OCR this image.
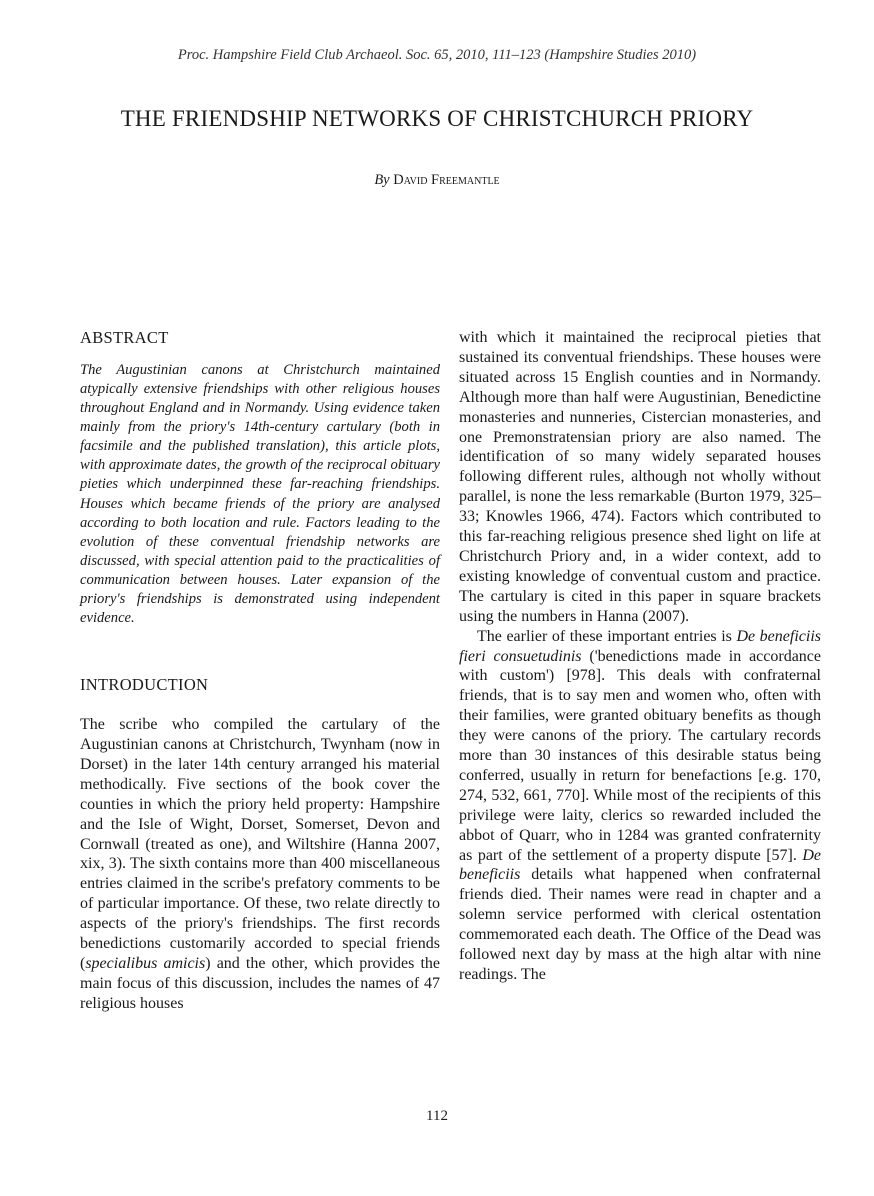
Proc. Hampshire Field Club Archaeol. Soc. 65, 2010, 111–123 (Hampshire Studies 2010)
THE FRIENDSHIP NETWORKS OF CHRISTCHURCH PRIORY
By David Freemantle
ABSTRACT

The Augustinian canons at Christchurch maintained atypically extensive friendships with other religious houses throughout England and in Normandy. Using evidence taken mainly from the priory's 14th-century cartulary (both in facsimile and the published translation), this article plots, with approximate dates, the growth of the reciprocal obituary pieties which underpinned these far-reaching friendships. Houses which became friends of the priory are analysed according to both location and rule. Factors leading to the evolution of these conventual friendship networks are discussed, with special attention paid to the practicalities of communication between houses. Later expansion of the priory's friendships is demonstrated using independent evidence.

INTRODUCTION

The scribe who compiled the cartulary of the Augustinian canons at Christchurch, Twynham (now in Dorset) in the later 14th century arranged his material methodically. Five sections of the book cover the counties in which the priory held property: Hampshire and the Isle of Wight, Dorset, Somerset, Devon and Cornwall (treated as one), and Wiltshire (Hanna 2007, xix, 3). The sixth contains more than 400 miscellaneous entries claimed in the scribe's prefatory comments to be of particular importance. Of these, two relate directly to aspects of the priory's friendships. The first records benedictions customarily accorded to special friends (specialibus amicis) and the other, which provides the main focus of this discussion, includes the names of 47 religious houses

with which it maintained the reciprocal pieties that sustained its conventual friendships. These houses were situated across 15 English counties and in Normandy. Although more than half were Augustinian, Benedictine monasteries and nunneries, Cistercian monasteries, and one Premonstratensian priory are also named. The identification of so many widely separated houses following different rules, although not wholly without parallel, is none the less remarkable (Burton 1979, 325–33; Knowles 1966, 474). Factors which contributed to this far-reaching religious presence shed light on life at Christchurch Priory and, in a wider context, add to existing knowledge of conventual custom and practice. The cartulary is cited in this paper in square brackets using the numbers in Hanna (2007).

The earlier of these important entries is De beneficiis fieri consuetudinis ('benedictions made in accordance with custom') [978]. This deals with confraternal friends, that is to say men and women who, often with their families, were granted obituary benefits as though they were canons of the priory. The cartulary records more than 30 instances of this desirable status being conferred, usually in return for benefactions [e.g. 170, 274, 532, 661, 770]. While most of the recipients of this privilege were laity, clerics so rewarded included the abbot of Quarr, who in 1284 was granted confraternity as part of the settlement of a property dispute [57]. De beneficiis details what happened when confraternal friends died. Their names were read in chapter and a solemn service performed with clerical ostentation commemorated each death. The Office of the Dead was followed next day by mass at the high altar with nine readings. The

112
